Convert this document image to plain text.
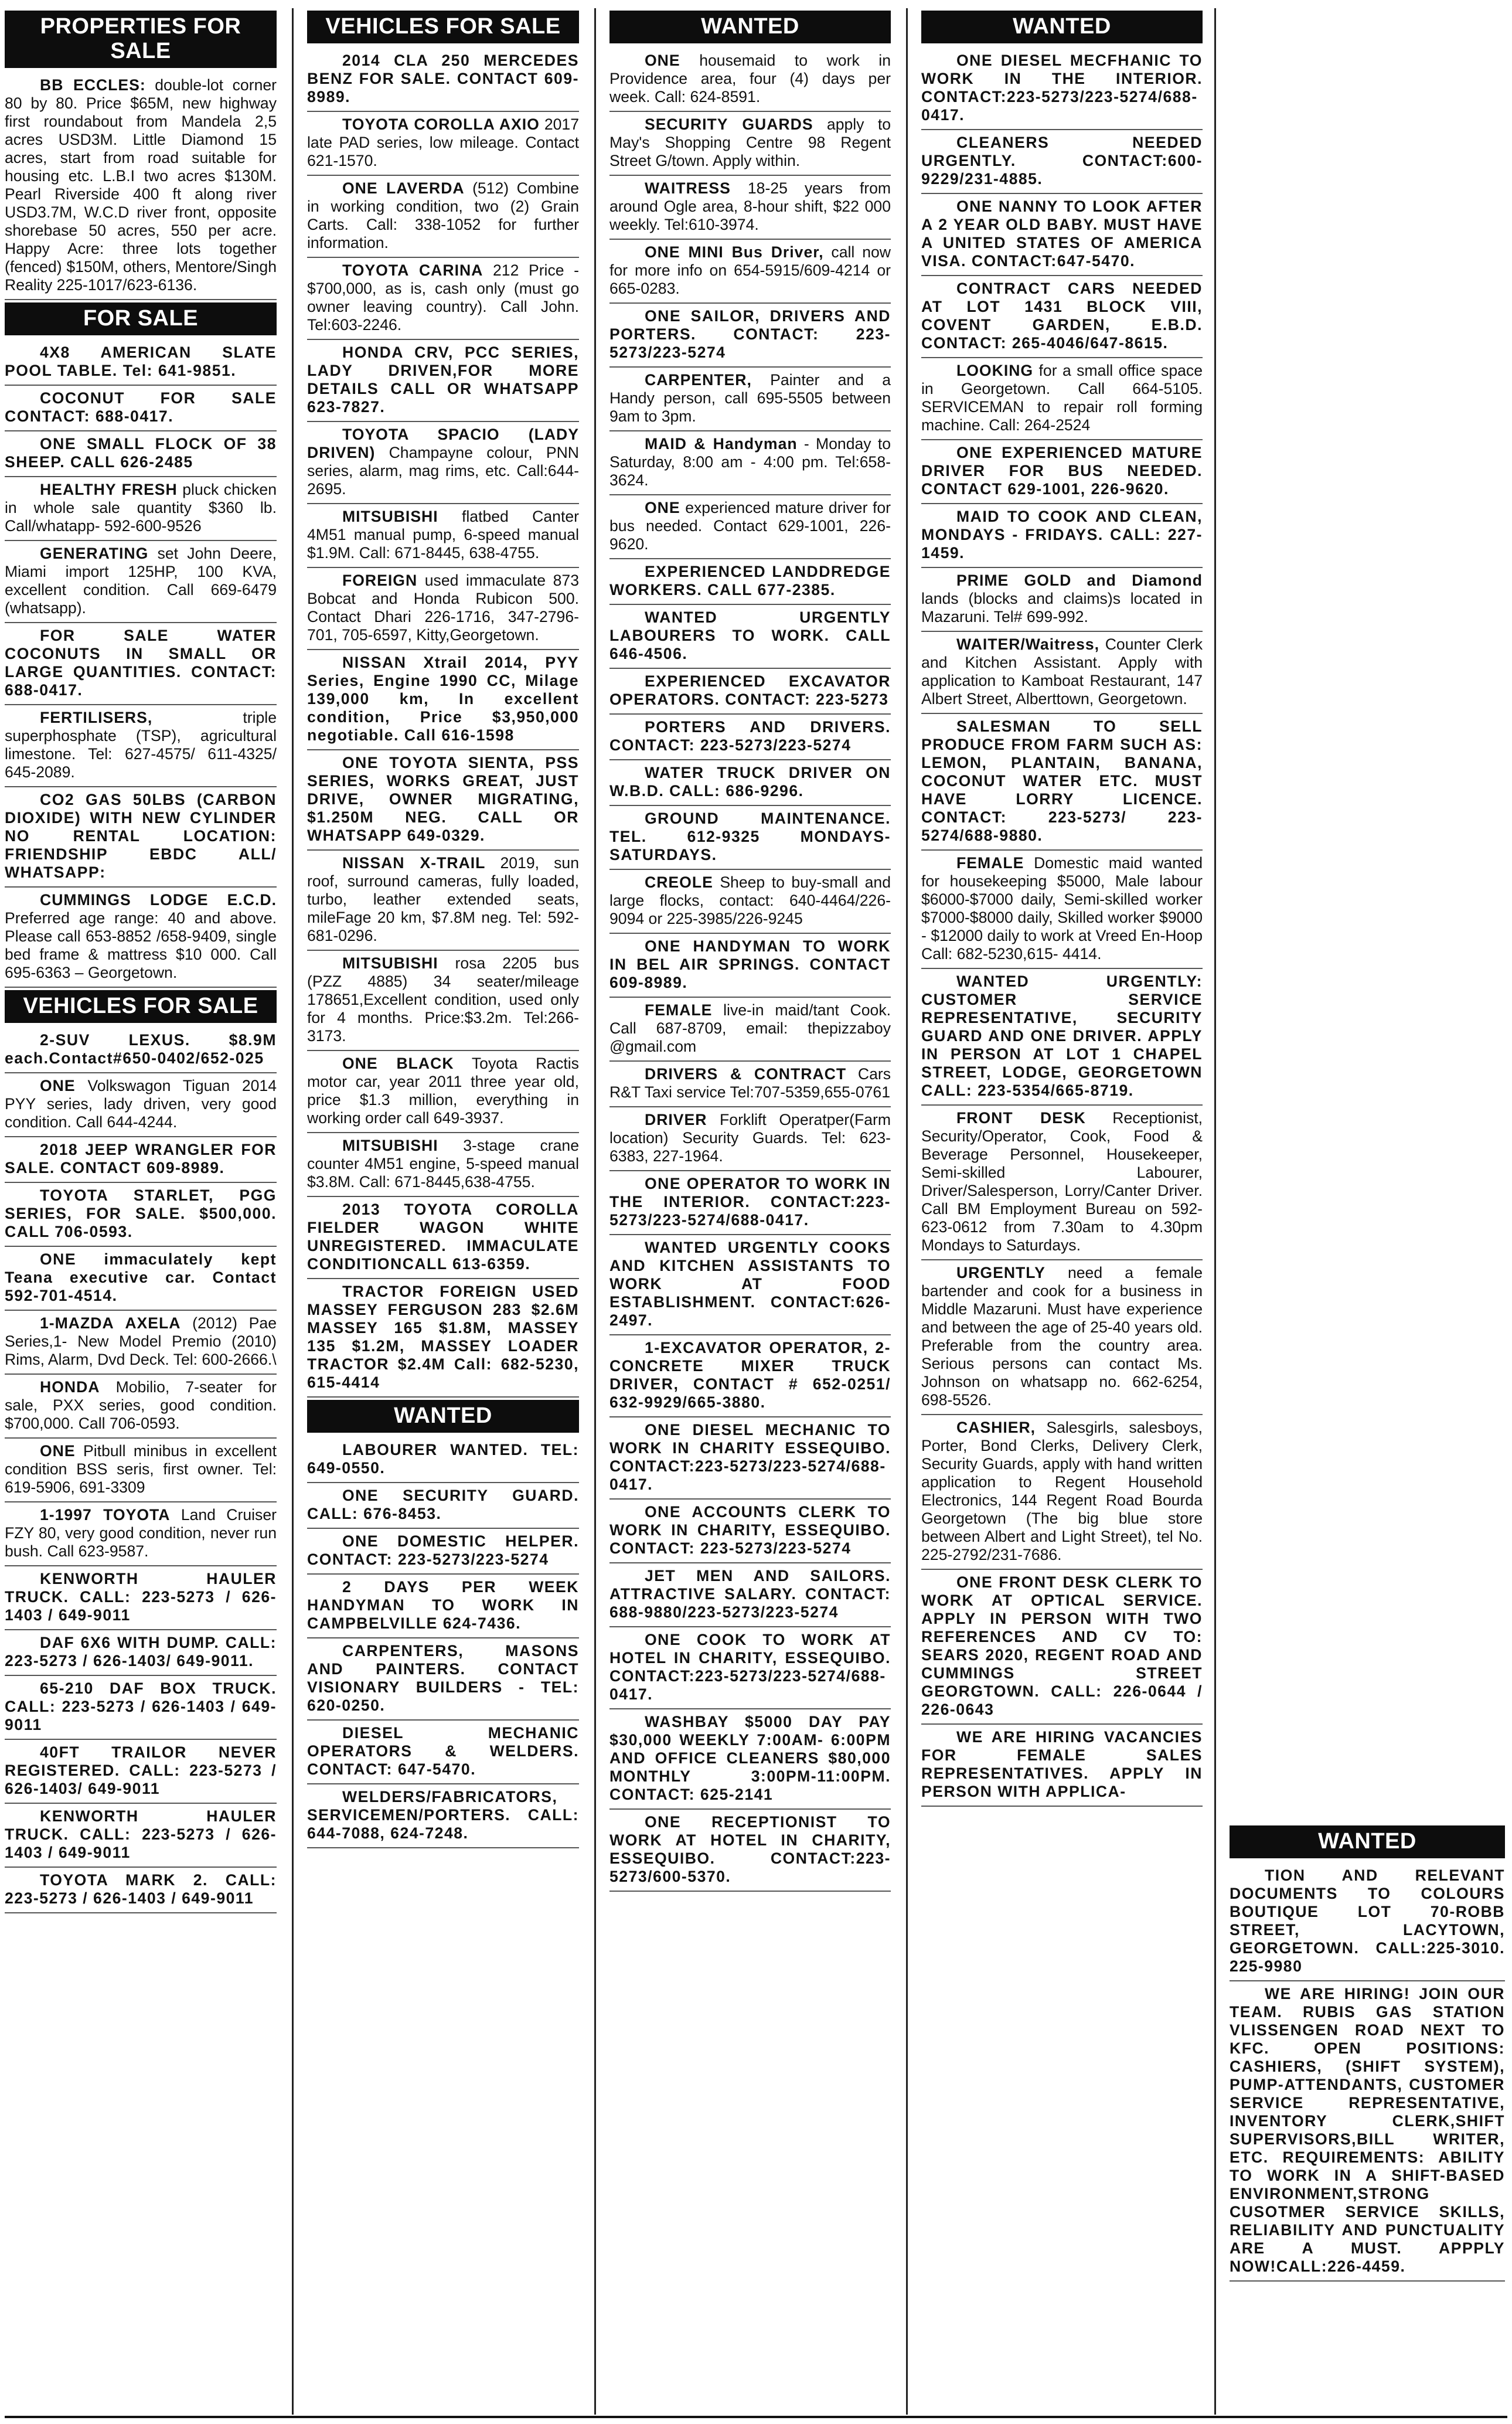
PROPERTIES FOR SALE
BB ECCLES: double-lot corner 80 by 80. Price $65M, new highway first roundabout from Mandela 2,5 acres USD3M. Little Diamond 15 acres, start from road suitable for housing etc. L.B.I two acres $130M. Pearl Riverside 400 ft along river USD3.7M, W.C.D river front, opposite shorebase 50 acres, 550 per acre. Happy Acre: three lots together (fenced) $150M, others, Mentore/Singh Reality 225-1017/623-6136.
FOR SALE
4X8 AMERICAN SLATE POOL TABLE. Tel: 641-9851.
COCONUT FOR SALE CONTACT: 688-0417.
ONE SMALL FLOCK OF 38 SHEEP. CALL 626-2485
HEALTHY FRESH pluck chicken in whole sale quantity $360 lb. Call/whatapp- 592-600-9526
GENERATING set John Deere, Miami import 125HP, 100 KVA, excellent condition. Call 669-6479 (whatsapp).
FOR SALE WATER COCONUTS IN SMALL OR LARGE QUANTITIES. CONTACT: 688-0417.
FERTILISERS,	triple superphosphate (TSP), agricultural limestone. Tel: 627-4575/ 611-4325/ 645-2089.
CO2 GAS 50LBS (CARBON DIOXIDE) WITH NEW CYLINDER NO RENTAL LOCATION: FRIENDSHIP EBDC ALL/ WHATSAPP:
CUMMINGS LODGE E.C.D. Preferred age range: 40 and above. Please call 653-8852 /658-9409, single bed frame & mattress $10 000. Call 695-6363 – Georgetown.
VEHICLES FOR SALE
2-SUV LEXUS. $8.9M each.Contact#650-0402/652-025
ONE Volkswagon Tiguan 2014 PYY series, lady driven, very good condition. Call 644-4244.
2018 JEEP WRANGLER FOR SALE. CONTACT 609-8989.
TOYOTA STARLET, PGG SERIES, FOR SALE. $500,000. CALL 706-0593.
ONE immaculately kept Teana executive car. Contact 592-701-4514.
1-MAZDA AXELA (2012) Pae Series,1- New Model Premio (2010) Rims, Alarm, Dvd Deck. Tel: 600-2666.\
HONDA Mobilio, 7-seater for sale, PXX series, good condition. $700,000. Call 706-0593.
ONE Pitbull minibus in excellent condition BSS seris, first owner. Tel: 619-5906, 691-3309
1-1997 TOYOTA Land Cruiser FZY 80, very good condition, never run bush. Call 623-9587.
KENWORTH HAULER TRUCK. CALL: 223-5273 / 626-1403 / 649-9011
DAF 6X6 WITH DUMP. CALL: 223-5273 / 626-1403/ 649-9011.
65-210 DAF BOX TRUCK. CALL: 223-5273 / 626-1403 / 649-9011
40FT TRAILOR NEVER REGISTERED. CALL: 223-5273 / 626-1403/ 649-9011
KENWORTH HAULER TRUCK. CALL: 223-5273 / 626-1403 / 649-9011
TOYOTA MARK 2. CALL: 223-5273 / 626-1403 / 649-9011
VEHICLES FOR SALE
2014 CLA 250 MERCEDES BENZ FOR SALE. CONTACT 609-8989.
TOYOTA COROLLA AXIO 2017 late PAD series, low mileage. Contact 621-1570.
ONE LAVERDA (512) Combine in working condition, two (2) Grain Carts. Call: 338-1052 for further information.
TOYOTA CARINA 212 Price - $700,000, as is, cash only (must go owner leaving country). Call John. Tel:603-2246.
HONDA CRV, PCC SERIES, LADY DRIVEN,FOR MORE DETAILS CALL OR WHATSAPP 623-7827.
TOYOTA SPACIO (LADY DRIVEN) Champayne colour, PNN series, alarm, mag rims, etc. Call:644-2695.
MITSUBISHI flatbed Canter 4M51 manual pump, 6-speed manual $1.9M. Call: 671-8445, 638-4755.
FOREIGN used immaculate 873 Bobcat and Honda Rubicon 500. Contact Dhari 226-1716, 347-2796-701, 705-6597, Kitty,Georgetown.
NISSAN Xtrail 2014, PYY Series, Engine 1990 CC, Milage 139,000 km, In excellent condition, Price $3,950,000 negotiable. Call 616-1598
ONE TOYOTA SIENTA, PSS SERIES, WORKS GREAT, JUST DRIVE, OWNER MIGRATING, $1.250M NEG. CALL OR WHATSAPP 649-0329.
NISSAN X-TRAIL 2019, sun roof, surround cameras, fully loaded, turbo, leather extended seats, mileFage 20 km, $7.8M neg. Tel: 592-681-0296.
MITSUBISHI rosa 2205 bus (PZZ 4885) 34 seater/mileage 178651,Excellent condition, used only for 4 months. Price:$3.2m. Tel:266-3173.
ONE BLACK Toyota Ractis motor car, year 2011 three year old, price $1.3 million, everything in working order call 649-3937.
MITSUBISHI 3-stage crane counter 4M51 engine, 5-speed manual $3.8M. Call: 671-8445,638-4755.
2013 TOYOTA COROLLA FIELDER WAGON WHITE UNREGISTERED. IMMACULATE CONDITIONCALL 613-6359.
TRACTOR FOREIGN USED MASSEY FERGUSON 283 $2.6M MASSEY 165 $1.8M, MASSEY 135 $1.2M, MASSEY LOADER TRACTOR $2.4M Call: 682-5230, 615-4414
WANTED
LABOURER WANTED. TEL: 649-0550.
ONE SECURITY GUARD. CALL: 676-8453.
ONE DOMESTIC HELPER. CONTACT: 223-5273/223-5274
2 DAYS PER WEEK HANDYMAN TO WORK IN CAMPBELVILLE 624-7436.
CARPENTERS, MASONS AND PAINTERS. CONTACT VISIONARY BUILDERS - TEL: 620-0250.
DIESEL MECHANIC OPERATORS & WELDERS. CONTACT: 647-5470.
WELDERS/FABRICATORS, SERVICEMEN/PORTERS. CALL: 644-7088, 624-7248.
WANTED
ONE housemaid to work in Providence area, four (4) days per week. Call: 624-8591.
SECURITY GUARDS apply to May's Shopping Centre 98 Regent Street G/town. Apply within.
WAITRESS 18-25 years from around Ogle area, 8-hour shift, $22 000 weekly. Tel:610-3974.
ONE MINI Bus Driver, call now for more info on 654-5915/609-4214 or 665-0283.
ONE SAILOR, DRIVERS AND PORTERS. CONTACT: 223-5273/223-5274
CARPENTER, Painter and a Handy person, call 695-5505 between 9am to 3pm.
MAID & Handyman - Monday to Saturday, 8:00 am - 4:00 pm. Tel:658-3624.
ONE experienced mature driver for bus needed. Contact 629-1001, 226-9620.
EXPERIENCED LANDDREDGE WORKERS. CALL 677-2385.
WANTED URGENTLY LABOURERS TO WORK. CALL 646-4506.
EXPERIENCED EXCAVATOR OPERATORS. CONTACT: 223-5273
PORTERS AND DRIVERS. CONTACT: 223-5273/223-5274
WATER TRUCK DRIVER ON W.B.D. CALL: 686-9296.
GROUND MAINTENANCE. TEL. 612-9325 MONDAYS-SATURDAYS.
CREOLE Sheep to buy-small and large flocks, contact: 640-4464/226-9094 or 225-3985/226-9245
ONE HANDYMAN TO WORK IN BEL AIR SPRINGS. CONTACT 609-8989.
FEMALE live-in maid/tant Cook. Call 687-8709, email: thepizzaboy @gmail.com
DRIVERS & CONTRACT Cars R&T Taxi service Tel:707-5359,655-0761
DRIVER Forklift Operatper(Farm location) Security Guards. Tel: 623-6383, 227-1964.
ONE OPERATOR TO WORK IN THE INTERIOR. CONTACT:223-5273/223-5274/688-0417.
WANTED URGENTLY COOKS AND KITCHEN ASSISTANTS TO WORK AT FOOD ESTABLISHMENT. CONTACT:626-2497.
1-EXCAVATOR OPERATOR, 2- CONCRETE MIXER TRUCK DRIVER, CONTACT # 652-0251/ 632-9929/665-3880.
ONE DIESEL MECHANIC TO WORK IN CHARITY ESSEQUIBO. CONTACT:223-5273/223-5274/688-0417.
ONE ACCOUNTS CLERK TO WORK IN CHARITY, ESSEQUIBO. CONTACT: 223-5273/223-5274
JET MEN AND SAILORS. ATTRACTIVE SALARY. CONTACT: 688-9880/223-5273/223-5274
ONE COOK TO WORK AT HOTEL IN CHARITY, ESSEQUIBO. CONTACT:223-5273/223-5274/688-0417.
WASHBAY $5000 DAY PAY $30,000 WEEKLY 7:00AM- 6:00PM AND OFFICE CLEANERS $80,000 MONTHLY 3:00PM-11:00PM. CONTACT: 625-2141
ONE RECEPTIONIST TO WORK AT HOTEL IN CHARITY, ESSEQUIBO. CONTACT:223-5273/600-5370.
WANTED
ONE DIESEL MECFHANIC TO WORK IN THE INTERIOR. CONTACT:223-5273/223-5274/688-0417.
CLEANERS NEEDED URGENTLY. CONTACT:600-9229/231-4885.
ONE NANNY TO LOOK AFTER A 2 YEAR OLD BABY. MUST HAVE A UNITED STATES OF AMERICA VISA. CONTACT:647-5470.
CONTRACT CARS NEEDED AT LOT 1431 BLOCK VIII, COVENT GARDEN, E.B.D. CONTACT: 265-4046/647-8615.
LOOKING for a small office space in Georgetown. Call 664-5105. SERVICEMAN to repair roll forming machine. Call: 264-2524
ONE EXPERIENCED MATURE DRIVER FOR BUS NEEDED. CONTACT 629-1001, 226-9620.
MAID TO COOK AND CLEAN, MONDAYS - FRIDAYS. CALL: 227-1459.
PRIME GOLD and Diamond lands (blocks and claims)s located in Mazaruni. Tel# 699-992.
WAITER/Waitress, Counter Clerk and Kitchen Assistant. Apply with application to Kamboat Restaurant, 147 Albert Street, Alberttown, Georgetown.
SALESMAN TO SELL PRODUCE FROM FARM SUCH AS: LEMON, PLANTAIN, BANANA, COCONUT WATER ETC. MUST HAVE LORRY LICENCE. CONTACT: 223-5273/ 223-5274/688-9880.
FEMALE Domestic maid wanted for housekeeping $5000, Male labour $6000-$7000 daily, Semi-skilled worker $7000-$8000 daily, Skilled worker $9000 - $12000 daily to work at Vreed En-Hoop Call: 682-5230,615- 4414.
WANTED URGENTLY: CUSTOMER SERVICE REPRESENTATIVE, SECURITY GUARD AND ONE DRIVER. APPLY IN PERSON AT LOT 1 CHAPEL STREET, LODGE, GEORGETOWN CALL: 223-5354/665-8719.
FRONT DESK Receptionist, Security/Operator, Cook, Food & Beverage Personnel, Housekeeper, Semi-skilled Labourer, Driver/Salesperson, Lorry/Canter Driver. Call BM Employment Bureau on 592-623-0612 from 7.30am to 4.30pm Mondays to Saturdays.
URGENTLY need a female bartender and cook for a business in Middle Mazaruni. Must have experience and between the age of 25-40 years old. Preferable from the country area. Serious persons can contact Ms. Johnson on whatsapp no. 662-6254, 698-5526.
CASHIER, Salesgirls, salesboys, Porter, Bond Clerks, Delivery Clerk, Security Guards, apply with hand written application to Regent Household Electronics, 144 Regent Road Bourda Georgetown (The big blue store between Albert and Light Street), tel No. 225-2792/231-7686.
ONE FRONT DESK CLERK TO WORK AT OPTICAL SERVICE. APPLY IN PERSON WITH TWO REFERENCES AND CV TO: SEARS 2020, REGENT ROAD AND CUMMINGS STREET GEORGTOWN. CALL: 226-0644 / 226-0643
WE ARE HIRING VACANCIES FOR FEMALE SALES REPRESENTATIVES. APPLY IN PERSON WITH APPLICA-
WANTED
TION AND RELEVANT DOCUMENTS TO COLOURS BOUTIQUE LOT 70-ROBB STREET, LACYTOWN, GEORGETOWN. CALL:225-3010. 225-9980
WE ARE HIRING! JOIN OUR TEAM. RUBIS GAS STATION VLISSENGEN ROAD NEXT TO KFC. OPEN POSITIONS: CASHIERS, (SHIFT SYSTEM), PUMP-ATTENDANTS, CUSTOMER SERVICE REPRESENTATIVE, INVENTORY CLERK,SHIFT SUPERVISORS,BILL WRITER, ETC. REQUIREMENTS: ABILITY TO WORK IN A SHIFT-BASED ENVIRONMENT,STRONG CUSOTMER SERVICE SKILLS, RELIABILITY AND PUNCTUALITY ARE A MUST. APPPLY NOW!CALL:226-4459.
